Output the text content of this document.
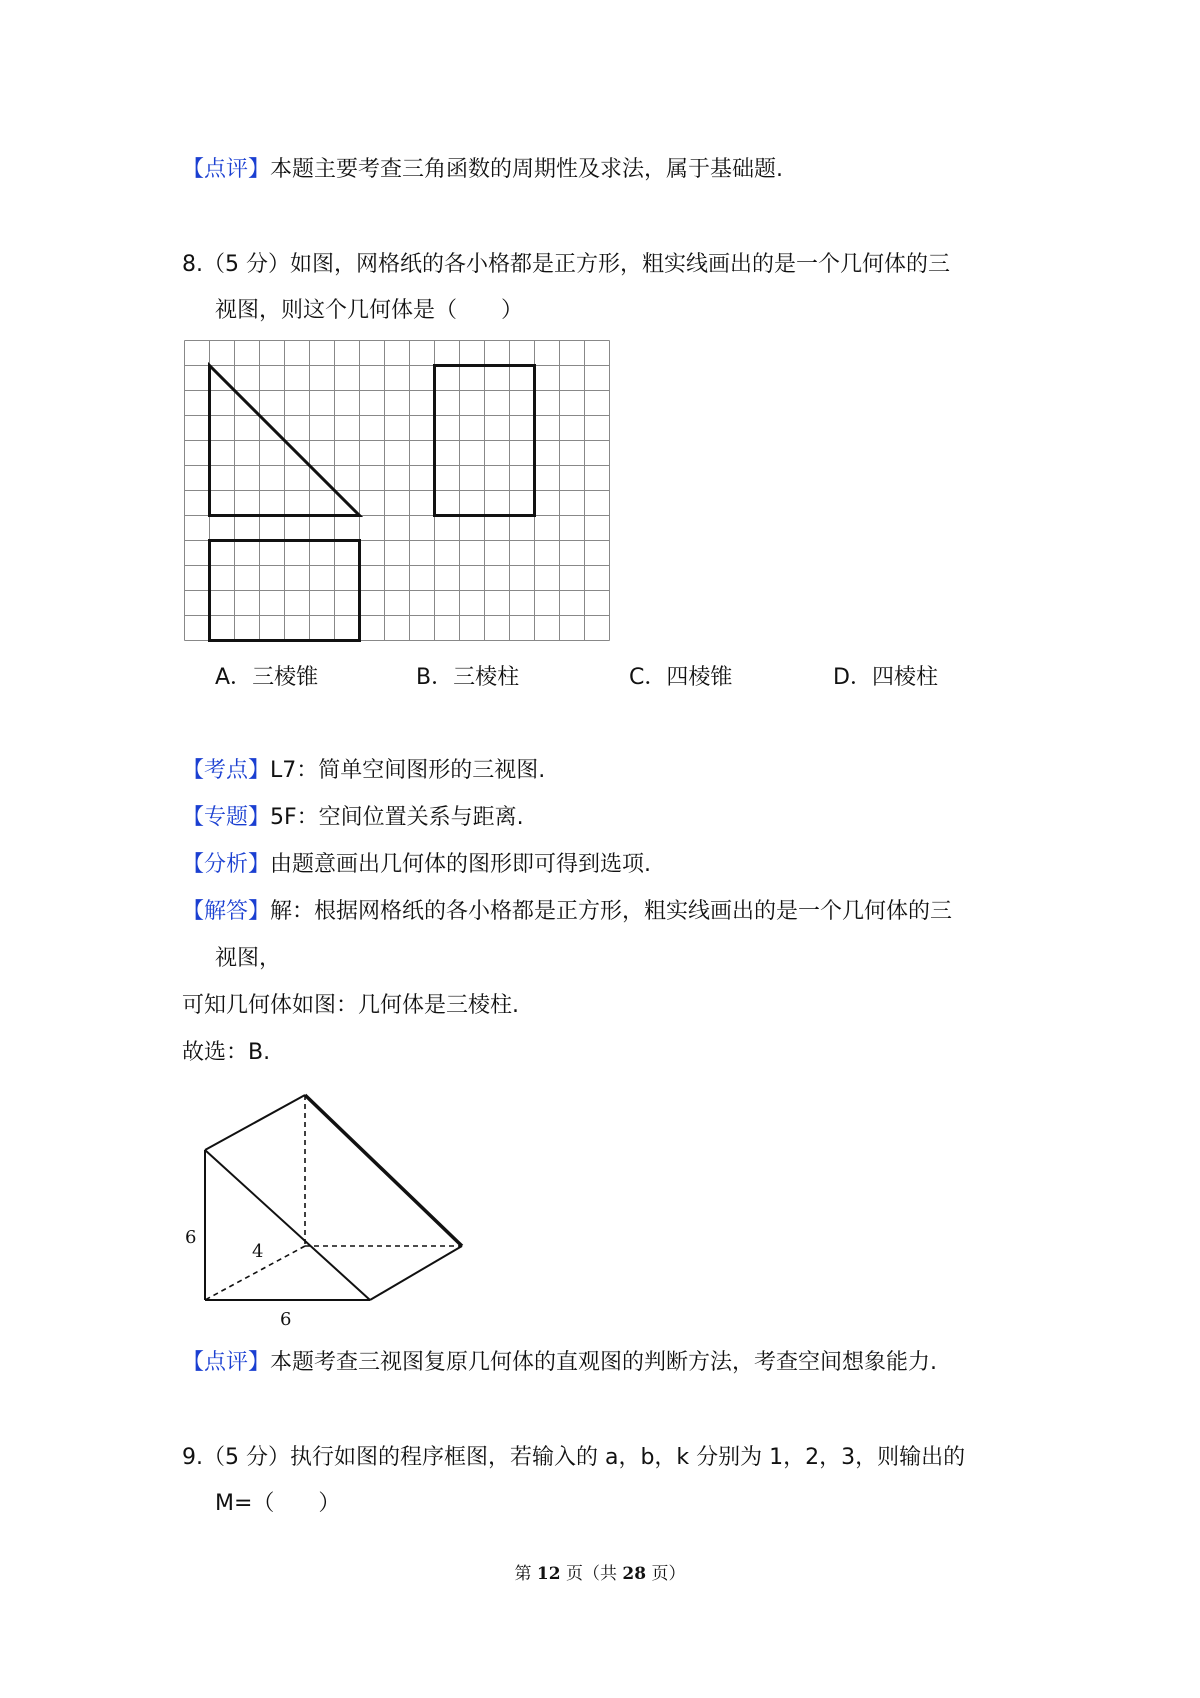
【点评】本题主要考查三角函数的周期性及求法，属于基础题.
8.（5 分）如图，网格纸的各小格都是正方形，粗实线画出的是一个几何体的三
视图，则这个几何体是（　　）
A．三棱锥	B．三棱柱	C．四棱锥	D．四棱柱
【考点】L7：简单空间图形的三视图.
【专题】5F：空间位置关系与距离.
【分析】由题意画出几何体的图形即可得到选项.
【解答】解：根据网格纸的各小格都是正方形，粗实线画出的是一个几何体的三
视图，
可知几何体如图：几何体是三棱柱.
故选：B.
6
4
6
【点评】本题考查三视图复原几何体的直观图的判断方法，考查空间想象能力.
9.（5 分）执行如图的程序框图，若输入的 a，b，k 分别为 1，2，3，则输出的
M=（　　）
第 12 页（共 28 页）
